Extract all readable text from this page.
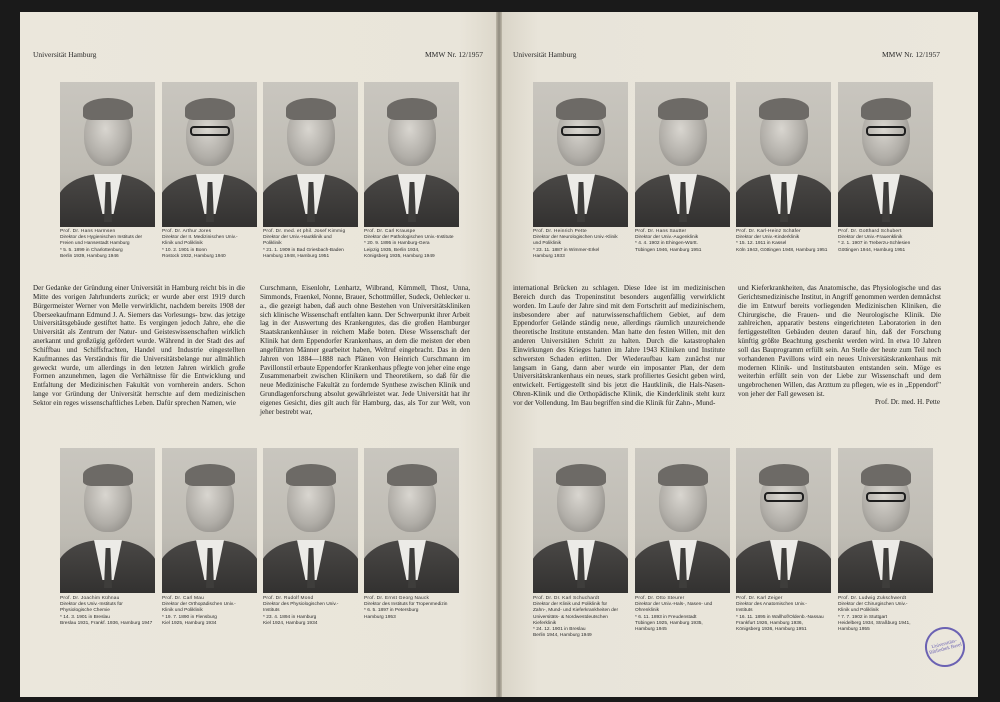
Universität Hamburg	MMW Nr. 12/1957	Universität Hamburg	MMW Nr. 12/1957
Prof. Dr. Hans Harmsen
Direktor des Hygienischen Instituts der
Freien und Hansestadt Hamburg
* 5. 5. 1899 in Charlottenburg
Berlin 1939, Hamburg 1946
Prof. Dr. Arthur Jores
Direktor der II. Medizinischen Univ.-
Klinik und Poliklinik
* 10. 2. 1901 in Bonn
Rostock 1932, Hamburg 1940
Prof. Dr. med. et phil. Josef Kimmig
Direktor der Univ.-Hautklinik und
Poliklinik
* 21. 1. 1909 in Bad Griesbach-Baden
Hamburg 1948, Hamburg 1951
Prof. Dr. Carl Krauspe
Direktor der Pathologischen Univ.-Institute
* 20. 9. 1895 in Hamburg-Gera
Leipzig 1935, Berlin 1934,
Königsberg 1935, Hamburg 1949
Prof. Dr. Heinrich Pette
Direktor der Neurologischen Univ.-Klinik
und Poliklinik
* 23. 11. 1887 in Wimmer-Erkel
Hamburg 1933
Prof. Dr. Hans Sautter
Direktor der Univ.-Augenklinik
* 4. 4. 1902 in Ehingen-Württ.
Tübingen 1946, Hamburg 1951
Prof. Dr. Karl-Heinz Schäfer
Direktor der Univ.-Kinderklinik
* 15. 12. 1911 in Kassel
Köln 1943, Göttingen 1948, Hamburg 1951
Prof. Dr. Gotthard Schubert
Direktor der Univ.-Frauenklinik
* 2. 1. 1907 in Treberzu-Schlesien
Göttingen 1944, Hamburg 1951
Prof. Dr. Joachim Kühnau
Direktor des Univ.-Instituts für
Physiologische Chemie
* 14. 3. 1901 in Breslau
Breslau 1931, Frankf. 1936, Hamburg 1947
Prof. Dr. Carl Mau
Direktor der Orthopädischen Univ.-
Klinik und Poliklinik
* 19. 7. 1890 in Flensburg
Kiel 1925, Hamburg 1934
Prof. Dr. Rudolf Mond
Direktor des Physiologischen Univ.-
Instituts
* 23. 4. 1894 in Hamburg
Kiel 1924, Hamburg 1934
Prof. Dr. Ernst Georg Nauck
Direktor des Instituts für Tropenmedizin
* 6. 5. 1897 in Petersburg
Hamburg 1953
Prof. Dr. Dr. Karl Schuchardt
Direktor der Klinik und Poliklinik für
Zahn-, Mund- und Kieferkrankheiten der
Universitäts- & Nordwestdeutschen Kieferklinik
* 24. 12. 1901 in Breslau
Berlin 1944, Hamburg 1949
Prof. Dr. Otto Steurer
Direktor der Univ.-Hals-, Nasen- und
Ohrenklinik
* 6. 11. 1893 in Freudenstadt
Tübingen 1925, Hamburg 1935,
Hamburg 1945
Prof. Dr. Karl Zeiger
Direktor des Anatomischen Univ.-
Instituts
* 16. 11. 1895 in Wallhof/Oldenb.-Nassau
Frankfurt 1926, Hamburg 1936,
Königsberg 1936, Hamburg 1951
Prof. Dr. Ludwig Zukschwerdt
Direktor der Chirurgischen Univ.-
Klinik und Poliklinik
* 7. 7. 1902 in Stuttgart
Heidelberg 1934, Straßburg 1941,
Hamburg 1955
Der Gedanke der Gründung einer Universität in Hamburg reicht bis in die Mitte des vorigen Jahrhunderts zurück; er wurde aber erst 1919 durch Bürgermeister Werner von Melle verwirklicht, nachdem bereits 1908 der Überseekaufmann Edmund J. A. Siemers das Vorlesungs- bzw. das jetzige Universitätsgebäude gestiftet hatte. Es vergingen jedoch Jahre, ehe die Universität als Zentrum der Natur- und Geisteswissenschaften wirklich anerkannt und großzügig gefördert wurde. Während in der Stadt des auf Schiffbau und Schiffsfrachten, Handel und Industrie eingestellten Kaufmannes das Verständnis für die Universitätsbelange nur allmählich geweckt wurde, um allerdings in den letzten Jahren wirklich große Formen anzunehmen, lagen die Verhältnisse für die Entwicklung und Entfaltung der Medizinischen Fakultät von vornherein anders. Schon lange vor Gründung der Universität herrschte auf dem medizinischen Sektor ein reges wissenschaftliches Leben. Dafür sprechen Namen, wie
Curschmann, Eisenlohr, Lenhartz, Wilbrand, Kümmell, Thost, Unna, Simmonds, Fraenkel, Nonne, Brauer, Schottmüller, Sudeck, Oehlecker u. a., die gezeigt haben, daß auch ohne Bestehen von Universitätskliniken sich klinische Wissenschaft entfalten kann. Der Schwerpunkt ihrer Arbeit lag in der Auswertung des Krankengutes, das die großen Hamburger Staatskrankenhäuser in reichem Maße boten. Diese Wissenschaft der Klinik hat dem Eppendorfer Krankenhaus, an dem die meisten der eben angeführten Männer gearbeitet haben, Weltruf eingebracht. Das in den Jahren von 1884—1888 nach Plänen von Heinrich Curschmann im Pavillonstil erbaute Eppendorfer Krankenhaus pflegte von jeher eine enge Zusammenarbeit zwischen Klinikern und Theoretikern, so daß für die neue Medizinische Fakultät zu fordernde Synthese zwischen Klinik und Grundlagenforschung absolut gewährleistet war. Jede Universität hat ihr eigenes Gesicht, dies gilt auch für Hamburg, das, als Tor zur Welt, von jeher bestrebt war,
international Brücken zu schlagen. Diese Idee ist im medizinischen Bereich durch das Tropeninstitut besonders augenfällig verwirklicht worden. Im Laufe der Jahre sind mit dem Fortschritt auf medizinischem, insbesondere aber auf naturwissenschaftlichem Gebiet, auf dem Eppendorfer Gelände ständig neue, allerdings räumlich unzureichende theoretische Institute entstanden. Man hatte den festen Willen, mit den anderen Universitäten Schritt zu halten. Durch die katastrophalen Einwirkungen des Krieges hatten im Jahre 1943 Kliniken und Institute schwersten Schaden erlitten. Der Wiederaufbau kam zunächst nur langsam in Gang, dann aber wurde ein imposanter Plan, der dem Universitätskrankenhaus ein neues, stark profiliertes Gesicht geben wird, entwickelt. Fertiggestellt sind bis jetzt die Hautklinik, die Hals-Nasen-Ohren-Klinik und die Orthopädische Klinik, die Kinderklinik steht kurz vor der Vollendung. Im Bau begriffen sind die Klinik für Zahn-, Mund-
und Kieferkrankheiten, das Anatomische, das Physiologische und das Gerichtsmedizinische Institut, in Angriff genommen werden demnächst die im Entwurf bereits vorliegenden Medizinischen Kliniken, die Chirurgische, die Frauen- und die Neurologische Klinik. Die zahlreichen, apparativ bestens eingerichteten Laboratorien in den fertiggestellten Gebäuden deuten darauf hin, daß der Forschung künftig größte Beachtung geschenkt werden wird. In etwa 10 Jahren soll das Bauprogramm erfüllt sein. An Stelle der heute zum Teil noch vorhandenen Pavillons wird ein neues Universitätskrankenhaus mit modernen Klinik- und Institutsbauten entstanden sein. Möge es weiterhin erfüllt sein von der Liebe zur Wissenschaft und dem ungebrochenen Willen, das Arzttum zu pflegen, wie es in „Eppendorf" von jeher der Fall gewesen ist.
Prof. Dr. med. H. Pette
Universitäts-Bibliothek Basel
